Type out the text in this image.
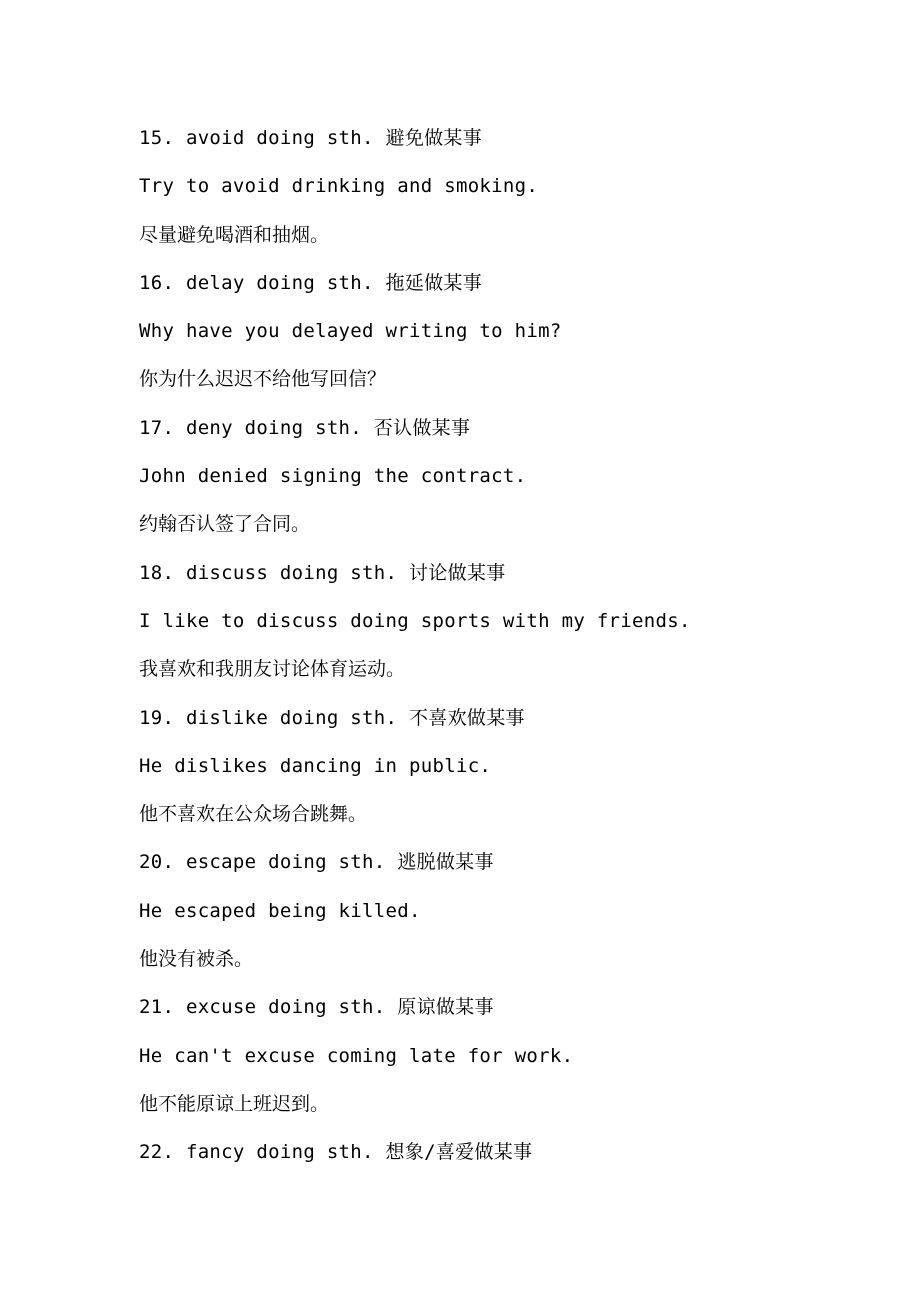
15. avoid doing sth. 避免做某事
Try to avoid drinking and smoking.
尽量避免喝酒和抽烟。
16. delay doing sth. 拖延做某事
Why have you delayed writing to him?
你为什么迟迟不给他写回信？
17. deny doing sth. 否认做某事
John denied signing the contract.
约翰否认签了合同。
18. discuss doing sth. 讨论做某事
I like to discuss doing sports with my friends.
我喜欢和我朋友讨论体育运动。
19. dislike doing sth. 不喜欢做某事
He dislikes dancing in public.
他不喜欢在公众场合跳舞。
20. escape doing sth. 逃脱做某事
He escaped being killed.
他没有被杀。
21. excuse doing sth. 原谅做某事
He can't excuse coming late for work.
他不能原谅上班迟到。
22. fancy doing sth. 想象/喜爱做某事
